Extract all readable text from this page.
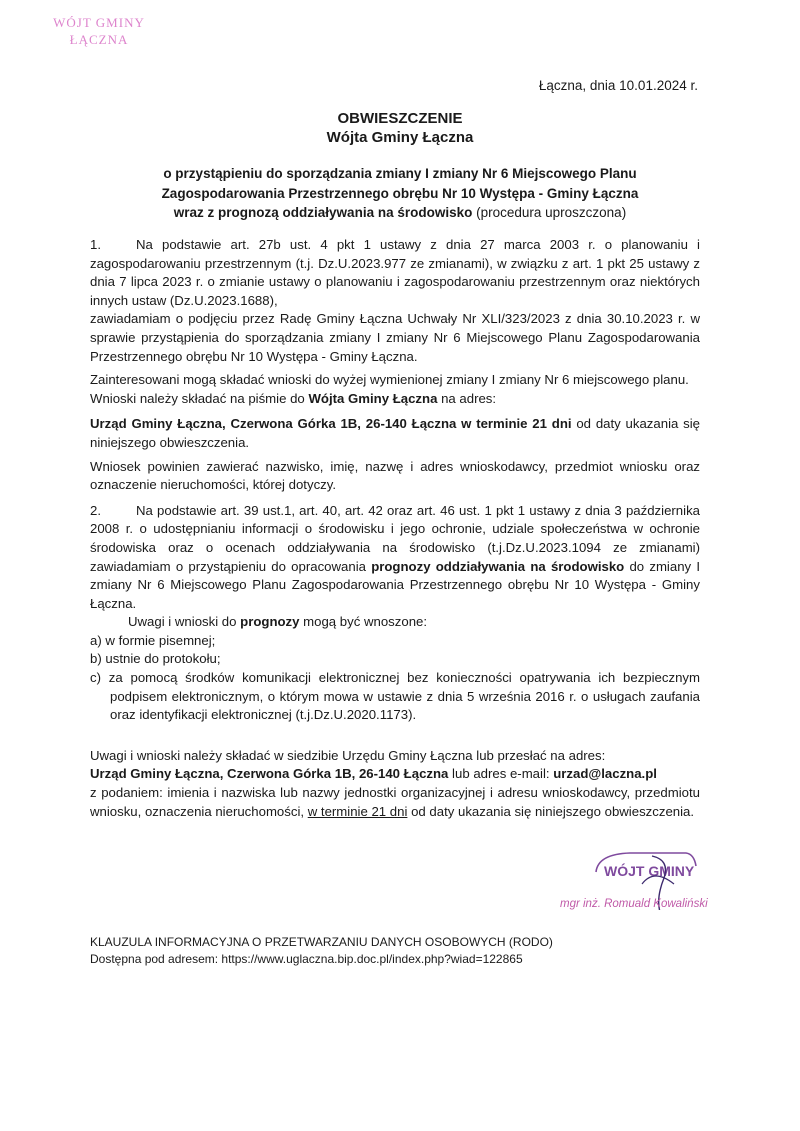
WÓJT GMINY
ŁĄCZNA
Łączna, dnia 10.01.2024 r.
OBWIESZCZENIE
Wójta Gminy Łączna
o przystąpieniu do sporządzania zmiany I zmiany Nr 6 Miejscowego Planu
Zagospodarowania Przestrzennego obrębu Nr 10 Występa - Gminy Łączna
wraz z prognozą oddziaływania na środowisko (procedura uproszczona)

1.	Na podstawie art. 27b ust. 4 pkt 1 ustawy z dnia 27 marca 2003 r. o planowaniu i zagospodarowaniu przestrzennym (t.j. Dz.U.2023.977 ze zmianami), w związku z art. 1 pkt 25 ustawy z dnia 7 lipca 2023 r. o zmianie ustawy o planowaniu i zagospodarowaniu przestrzennym oraz niektórych innych ustaw (Dz.U.2023.1688),

zawiadamiam o podjęciu przez Radę Gminy Łączna Uchwały Nr XLI/323/2023 z dnia 30.10.2023 r. w sprawie przystąpienia do sporządzania zmiany I zmiany Nr 6 Miejscowego Planu Zagospodarowania Przestrzennego obrębu Nr 10 Występa - Gminy Łączna.

Zainteresowani mogą składać wnioski do wyżej wymienionej zmiany I zmiany Nr 6 miejscowego planu.

Wnioski należy składać na piśmie do Wójta Gminy Łączna na adres:

Urząd Gminy Łączna, Czerwona Górka 1B, 26-140 Łączna w terminie 21 dni od daty ukazania się niniejszego obwieszczenia.

Wniosek powinien zawierać nazwisko, imię, nazwę i adres wnioskodawcy, przedmiot wniosku oraz oznaczenie nieruchomości, której dotyczy.

2.	Na podstawie art. 39 ust.1, art. 40, art. 42 oraz art. 46 ust. 1 pkt 1 ustawy z dnia 3 października 2008 r. o udostępnianiu informacji o środowisku i jego ochronie, udziale społeczeństwa w ochronie środowiska oraz o ocenach oddziaływania na środowisko (t.j.Dz.U.2023.1094 ze zmianami) zawiadamiam o przystąpieniu do opracowania prognozy oddziaływania na środowisko do zmiany I zmiany Nr 6 Miejscowego Planu Zagospodarowania Przestrzennego obrębu Nr 10 Występa - Gminy Łączna.

Uwagi i wnioski do prognozy mogą być wnoszone:

a) w formie pisemnej;
b) ustnie do protokołu;
c) za pomocą środków komunikacji elektronicznej bez konieczności opatrywania ich bezpiecznym podpisem elektronicznym, o którym mowa w ustawie z dnia 5 września 2016 r. o usługach zaufania oraz identyfikacji elektronicznej (t.j.Dz.U.2020.1173).

Uwagi i wnioski należy składać w siedzibie Urzędu Gminy Łączna lub przesłać na adres:

Urząd Gminy Łączna, Czerwona Górka 1B, 26-140 Łączna lub adres e-mail: urzad@laczna.pl

z podaniem: imienia i nazwiska lub nazwy jednostki organizacyjnej i adresu wnioskodawcy, przedmiotu wniosku, oznaczenia nieruchomości, w terminie 21 dni od daty ukazania się niniejszego obwieszczenia.

WÓJT GMINY
mgr inż. Romuald Kowaliński
KLAUZULA INFORMACYJNA O PRZETWARZANIU DANYCH OSOBOWYCH (RODO)
Dostępna pod adresem: https://www.uglaczna.bip.doc.pl/index.php?wiad=122865
